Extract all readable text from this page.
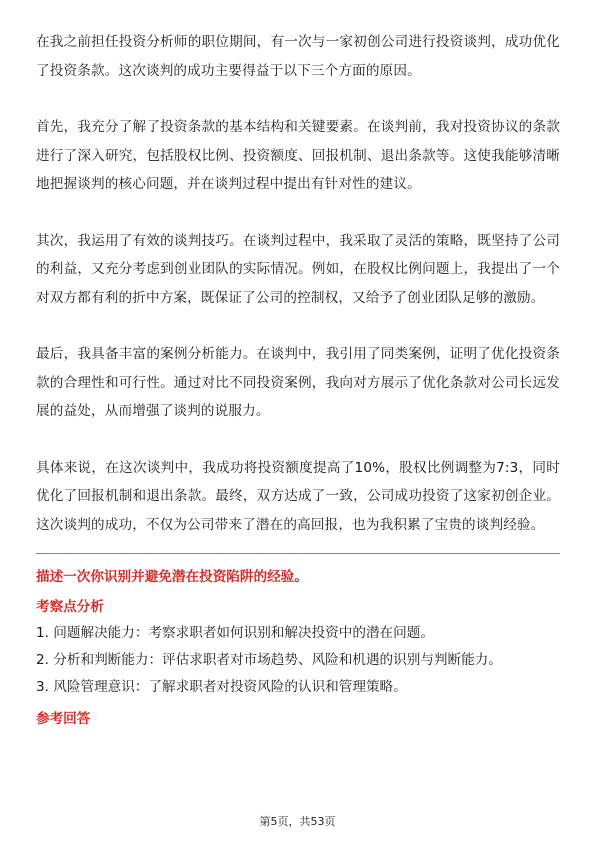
在我之前担任投资分析师的职位期间，有一次与一家初创公司进行投资谈判，成功优化了投资条款。这次谈判的成功主要得益于以下三个方面的原因。

首先，我充分了解了投资条款的基本结构和关键要素。在谈判前，我对投资协议的条款进行了深入研究，包括股权比例、投资额度、回报机制、退出条款等。这使我能够清晰地把握谈判的核心问题，并在谈判过程中提出有针对性的建议。

其次，我运用了有效的谈判技巧。在谈判过程中，我采取了灵活的策略，既坚持了公司的利益，又充分考虑到创业团队的实际情况。例如，在股权比例问题上，我提出了一个对双方都有利的折中方案，既保证了公司的控制权，又给予了创业团队足够的激励。

最后，我具备丰富的案例分析能力。在谈判中，我引用了同类案例，证明了优化投资条款的合理性和可行性。通过对比不同投资案例，我向对方展示了优化条款对公司长远发展的益处，从而增强了谈判的说服力。

具体来说，在这次谈判中，我成功将投资额度提高了10%，股权比例调整为7:3，同时优化了回报机制和退出条款。最终，双方达成了一致，公司成功投资了这家初创企业。这次谈判的成功，不仅为公司带来了潜在的高回报，也为我积累了宝贵的谈判经验。

描述一次你识别并避免潜在投资陷阱的经验。

考察点分析

1. 问题解决能力：考察求职者如何识别和解决投资中的潜在问题。
2. 分析和判断能力：评估求职者对市场趋势、风险和机遇的识别与判断能力。
3. 风险管理意识：了解求职者对投资风险的认识和管理策略。

参考回答

第5页，共53页
